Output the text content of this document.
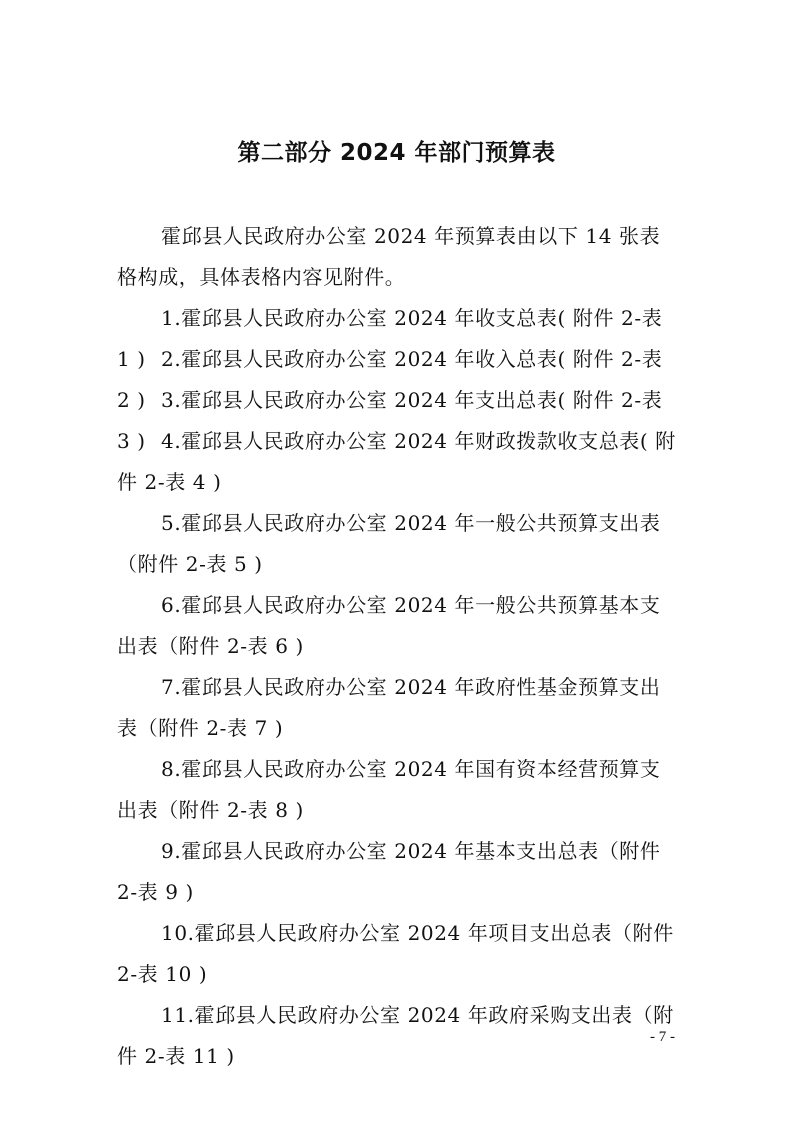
第二部分 2024 年部门预算表

霍邱县人民政府办公室 2024 年预算表由以下 14 张表格构成，具体表格内容见附件。

1.霍邱县人民政府办公室 2024 年收支总表( 附件 2-表 1 ) 2.霍邱县人民政府办公室 2024 年收入总表( 附件 2-表 2 ) 3.霍邱县人民政府办公室 2024 年支出总表( 附件 2-表 3 ) 4.霍邱县人民政府办公室 2024 年财政拨款收支总表( 附件 2-表 4 )

5.霍邱县人民政府办公室 2024 年一般公共预算支出表（附件 2-表 5 )

6.霍邱县人民政府办公室 2024 年一般公共预算基本支出表（附件 2-表 6 )

7.霍邱县人民政府办公室 2024 年政府性基金预算支出表（附件 2-表 7 )

8.霍邱县人民政府办公室 2024 年国有资本经营预算支出表（附件 2-表 8 )

9.霍邱县人民政府办公室 2024 年基本支出总表（附件 2-表 9 )

10.霍邱县人民政府办公室 2024 年项目支出总表（附件 2-表 10 )

11.霍邱县人民政府办公室 2024 年政府采购支出表（附件 2-表 11 )

- 7 -
